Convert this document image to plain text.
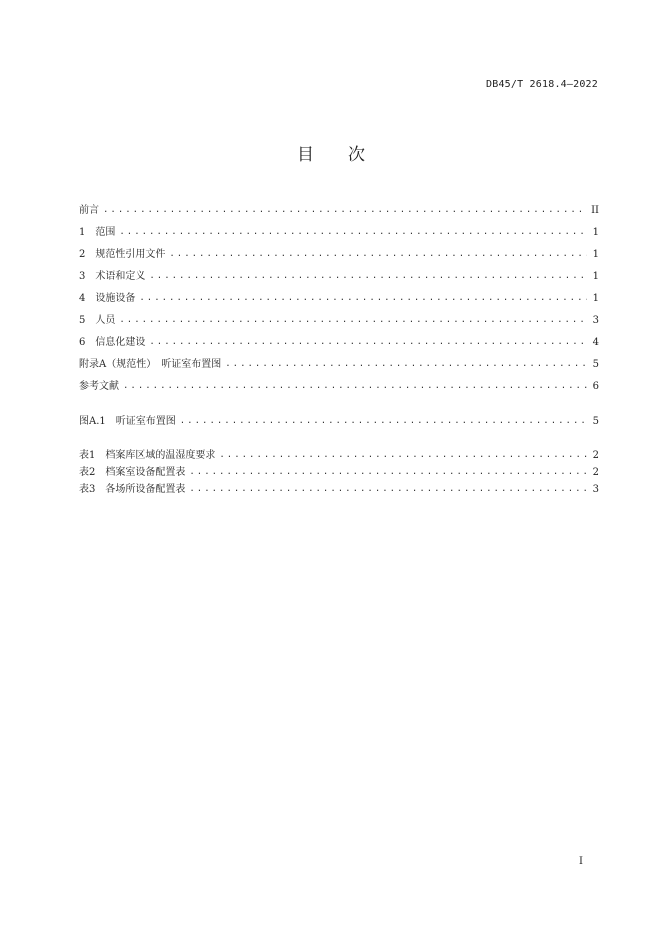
DB45/T 2618.4—2022
目 次
前言 .....	II
1　范围 .....	1
2　规范性引用文件 .....	1
3　术语和定义 .....	1
4　设施设备 .....	1
5　人员 .....	3
6　信息化建设 .....	4
附录A（规范性）　听证室布置图 .....	5
参考文献 .....	6
图A.1　听证室布置图 .....	5
表1　档案库区域的温湿度要求 .....	2
表2　档案室设备配置表 .....	2
表3　各场所设备配置表 .....	3
I
